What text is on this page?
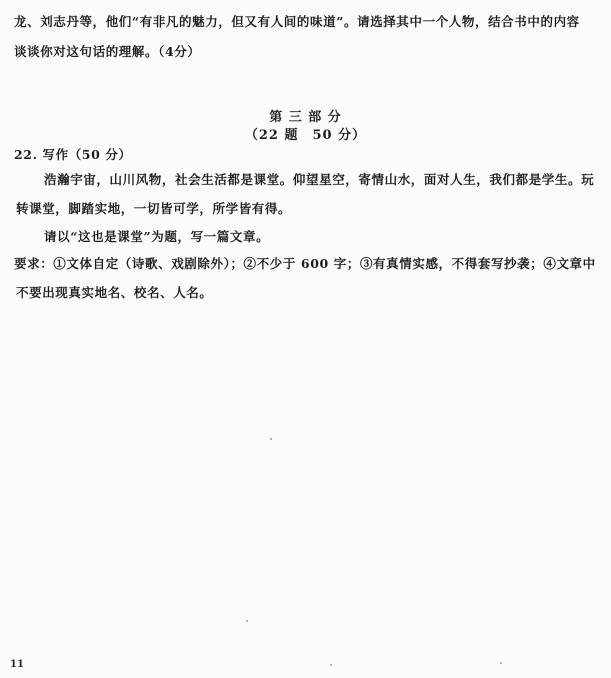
龙、刘志丹等，他们“有非凡的魅力，但又有人间的味道”。请选择其中一个人物，结合书中的内容
谈谈你对这句话的理解。（4分）
第 三 部 分
（22 题　50 分）
22. 写作（50 分）
浩瀚宇宙，山川风物，社会生活都是课堂。仰望星空，寄情山水，面对人生，我们都是学生。玩
转课堂，脚踏实地，一切皆可学，所学皆有得。
请以“这也是课堂”为题，写一篇文章。
要求：①文体自定（诗歌、戏剧除外）；②不少于 600 字；③有真情实感，不得套写抄袭；④文章中
不要出现真实地名、校名、人名。
11
